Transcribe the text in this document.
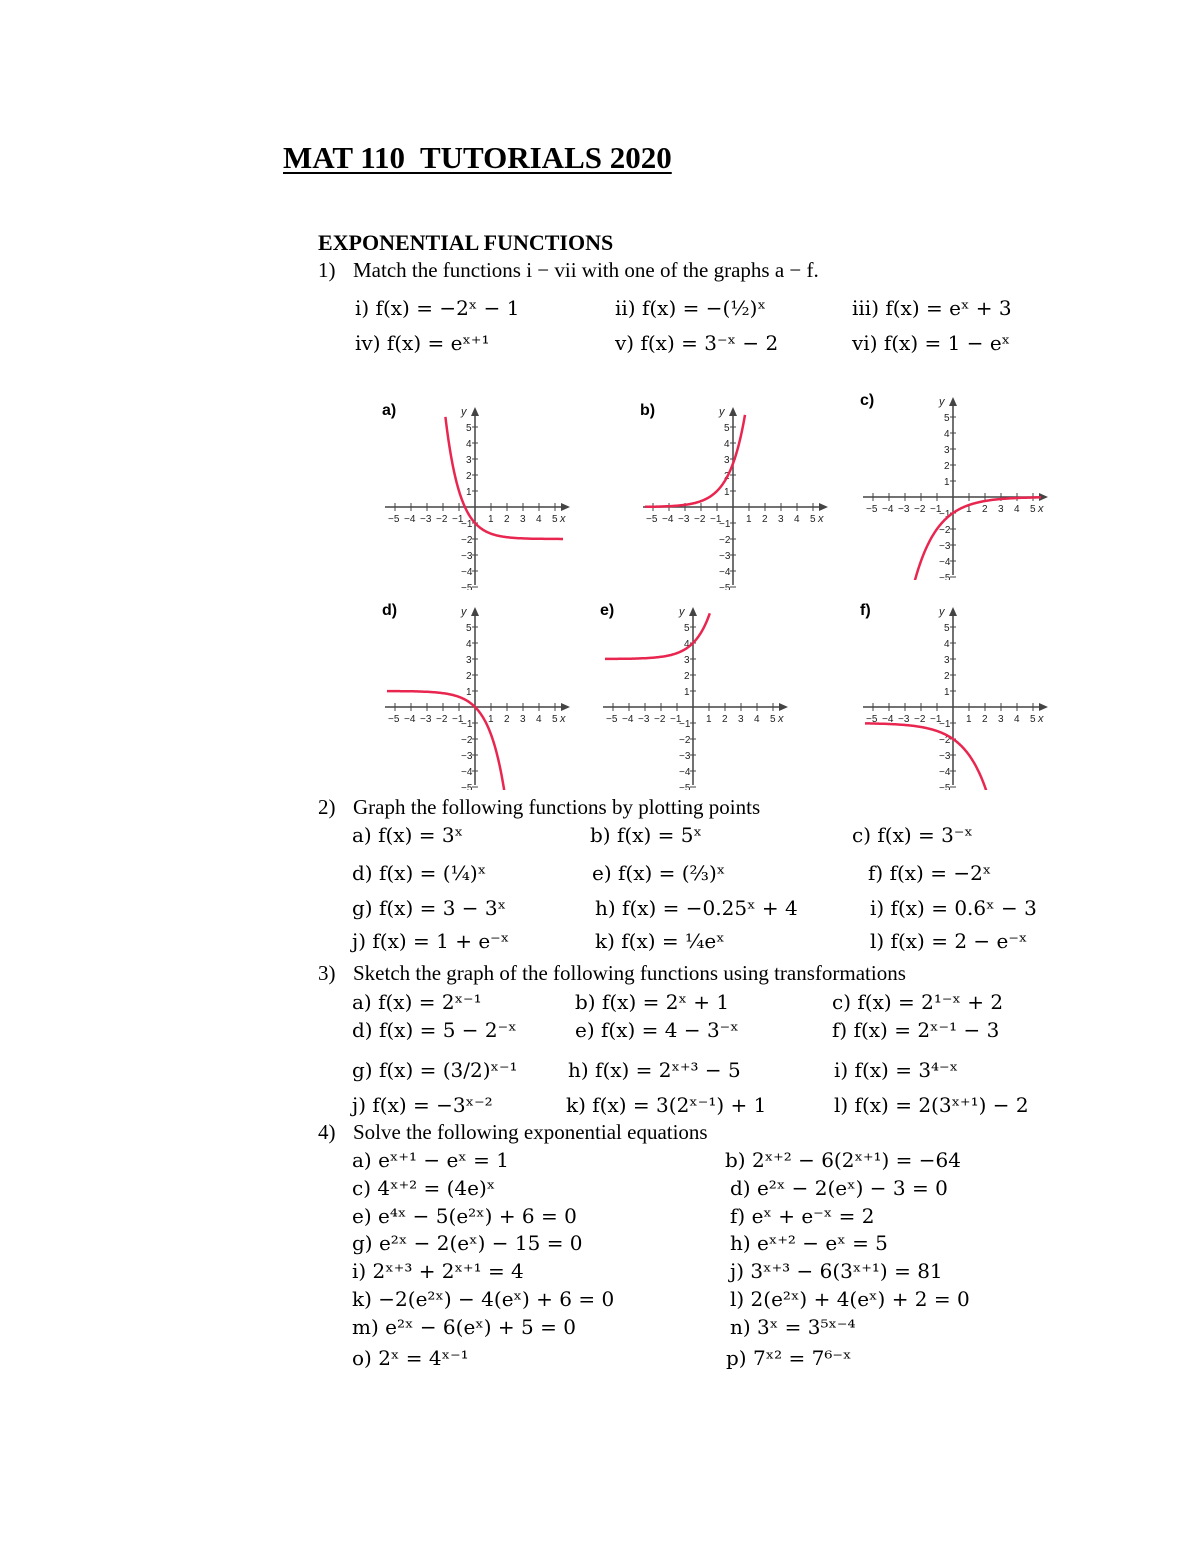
MAT 110  TUTORIALS 2020
EXPONENTIAL FUNCTIONS
1) Match the functions i − vii with one of the graphs a − f.
i) f(x) = −2ˣ − 1	ii) f(x) = −(½)ˣ	iii) f(x) = eˣ + 3
iv) f(x) = eˣ⁺¹	v) f(x) = 3⁻ˣ − 2	vi) f(x) = 1 − eˣ
a)
−5 −4 −3 −2 −1 1 2 3 4 5
5
4
3
2
1
−1
−2
−3
−4
−5
x
y	b)
−5 −4 −3 −2 −1 1 2 3 4 5
5
4
3
2
1
−1
−2
−3
−4
−5
x
y
c)
−5 −4 −3 −2 −1 1 2 3 4 5
5
4
3
2
1
−1
−2
−3
−4
−5
x
y
d)
−5 −4 −3 −2 −1 1 2 3 4 5
5
4
3
2
1
−1
−2
−3
−4
−5
x
y	e)
−5 −4 −3 −2 −1 1 2 3 4 5
5
4
3
2
1
−1
−2
−3
−4
−5
x
y	f)
−5 −4 −3 −2 −1 1 2 3 4 5
5
4
3
2
1
−1
−2
−3
−4
−5
x
y
2) Graph the following functions by plotting points
a) f(x) = 3ˣ	b) f(x) = 5ˣ	c) f(x) = 3⁻ˣ
d) f(x) = (¼)ˣ	e) f(x) = (⅔)ˣ	f) f(x) = −2ˣ
g) f(x) = 3 − 3ˣ	h) f(x) = −0.25ˣ + 4	i) f(x) = 0.6ˣ − 3
j) f(x) = 1 + e⁻ˣ	k) f(x) = ¼eˣ	l) f(x) = 2 − e⁻ˣ
3) Sketch the graph of the following functions using transformations
a) f(x) = 2ˣ⁻¹	b) f(x) = 2ˣ + 1	c) f(x) = 2¹⁻ˣ + 2
d) f(x) = 5 − 2⁻ˣ	e) f(x) = 4 − 3⁻ˣ	f) f(x) = 2ˣ⁻¹ − 3
g) f(x) = (3/2)ˣ⁻¹	h) f(x) = 2ˣ⁺³ − 5	i) f(x) = 3⁴⁻ˣ
j) f(x) = −3ˣ⁻²	k) f(x) = 3(2ˣ⁻¹) + 1	l) f(x) = 2(3ˣ⁺¹) − 2
4) Solve the following exponential equations
a) eˣ⁺¹ − eˣ = 1	b) 2ˣ⁺² − 6(2ˣ⁺¹) = −64
c) 4ˣ⁺² = (4e)ˣ	d) e²ˣ − 2(eˣ) − 3 = 0
e) e⁴ˣ − 5(e²ˣ) + 6 = 0	f) eˣ + e⁻ˣ = 2
g) e²ˣ − 2(eˣ) − 15 = 0	h) eˣ⁺² − eˣ = 5
i) 2ˣ⁺³ + 2ˣ⁺¹ = 4	j) 3ˣ⁺³ − 6(3ˣ⁺¹) = 81
k) −2(e²ˣ) − 4(eˣ) + 6 = 0	l) 2(e²ˣ) + 4(eˣ) + 2 = 0
m) e²ˣ − 6(eˣ) + 5 = 0	n) 3ˣ = 3⁵ˣ⁻⁴
o) 2ˣ = 4ˣ⁻¹	p) 7ˣ² = 7⁶⁻ˣ
